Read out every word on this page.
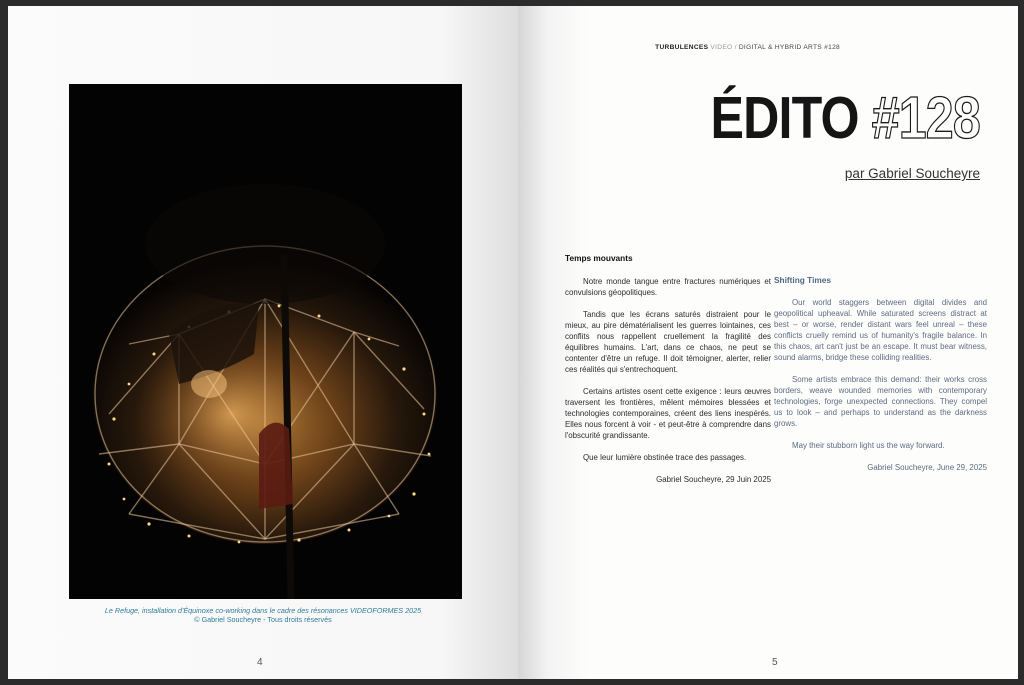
Le Refuge, installation d'Équinoxe co-working dans le cadre des résonances VIDEOFORMES 2025
© Gabriel Soucheyre - Tous droits réservés
4
TURBULENCES VIDEO / DIGITAL & HYBRID ARTS #128
ÉDITO #128
par Gabriel Soucheyre
Temps mouvants

Notre monde tangue entre fractures numériques et convulsions géopolitiques.

Tandis que les écrans saturés distraient pour le mieux, au pire dématérialisent les guerres lointaines, ces conflits nous rappellent cruellement la fragilité des équilibres humains. L'art, dans ce chaos, ne peut se contenter d'être un refuge. Il doit témoigner, alerter, relier ces réalités qui s'entrechoquent.

Certains artistes osent cette exigence : leurs œuvres traversent les frontières, mêlent mémoires blessées et technologies contemporaines, créent des liens inespérés. Elles nous forcent à voir - et peut-être à comprendre dans l'obscurité grandissante.

Que leur lumière obstinée trace des passages.

Gabriel Soucheyre, 29 Juin 2025

Shifting Times

Our world staggers between digital divides and geopolitical upheaval. While saturated screens distract at best – or worse, render distant wars feel unreal – these conflicts cruelly remind us of humanity's fragile balance. In this chaos, art can't just be an escape. It must bear witness, sound alarms, bridge these colliding realities.

Some artists embrace this demand: their works cross borders, weave wounded memories with contemporary technologies, forge unexpected connections. They compel us to look – and perhaps to understand as the darkness grows.

May their stubborn light us the way forward.

Gabriel Soucheyre, June 29, 2025

5
